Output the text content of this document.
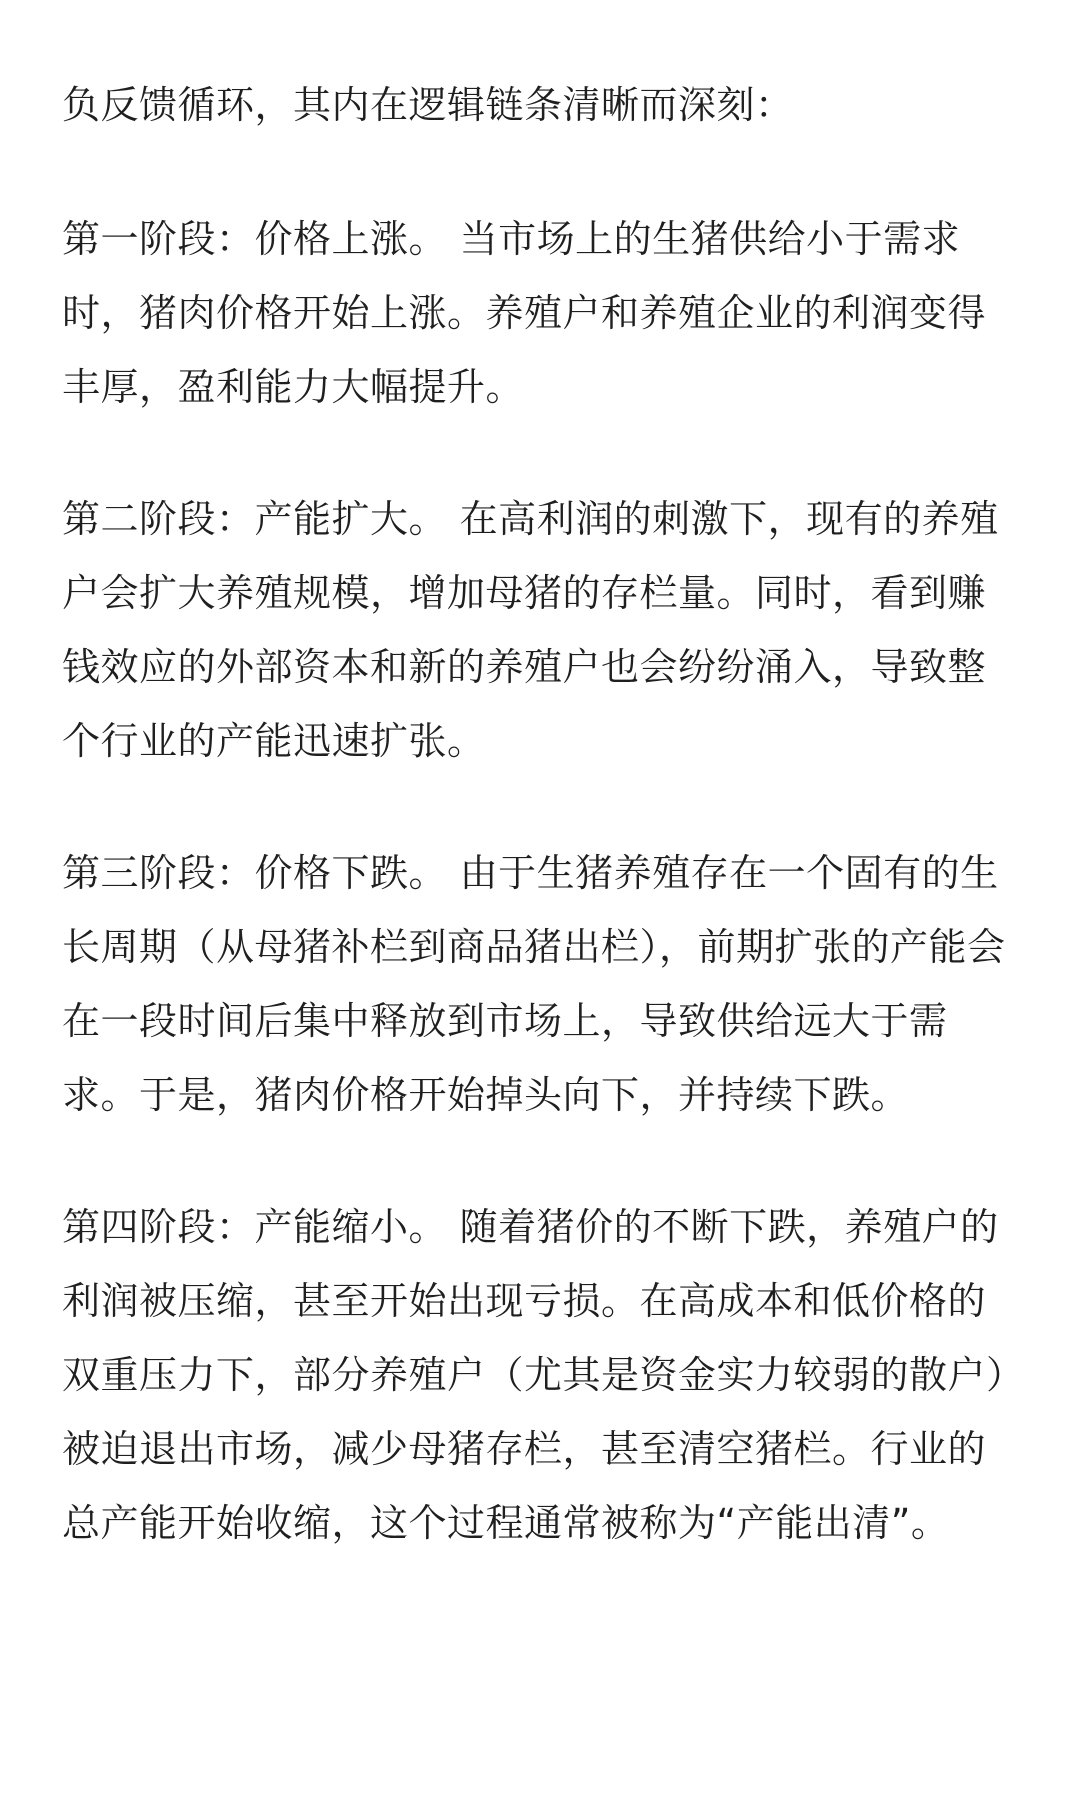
负反馈循环，其内在逻辑链条清晰而深刻：

第一阶段：价格上涨。 当市场上的生猪供给小于需求时，猪肉价格开始上涨。养殖户和养殖企业的利润变得丰厚，盈利能力大幅提升。

第二阶段：产能扩大。 在高利润的刺激下，现有的养殖户会扩大养殖规模，增加母猪的存栏量。同时，看到赚钱效应的外部资本和新的养殖户也会纷纷涌入，导致整个行业的产能迅速扩张。

第三阶段：价格下跌。 由于生猪养殖存在一个固有的生长周期（从母猪补栏到商品猪出栏），前期扩张的产能会在一段时间后集中释放到市场上，导致供给远大于需求。于是，猪肉价格开始掉头向下，并持续下跌。

第四阶段：产能缩小。 随着猪价的不断下跌，养殖户的利润被压缩，甚至开始出现亏损。在高成本和低价格的双重压力下，部分养殖户（尤其是资金实力较弱的散户）被迫退出市场，减少母猪存栏，甚至清空猪栏。行业的总产能开始收缩，这个过程通常被称为“产能出清”。
